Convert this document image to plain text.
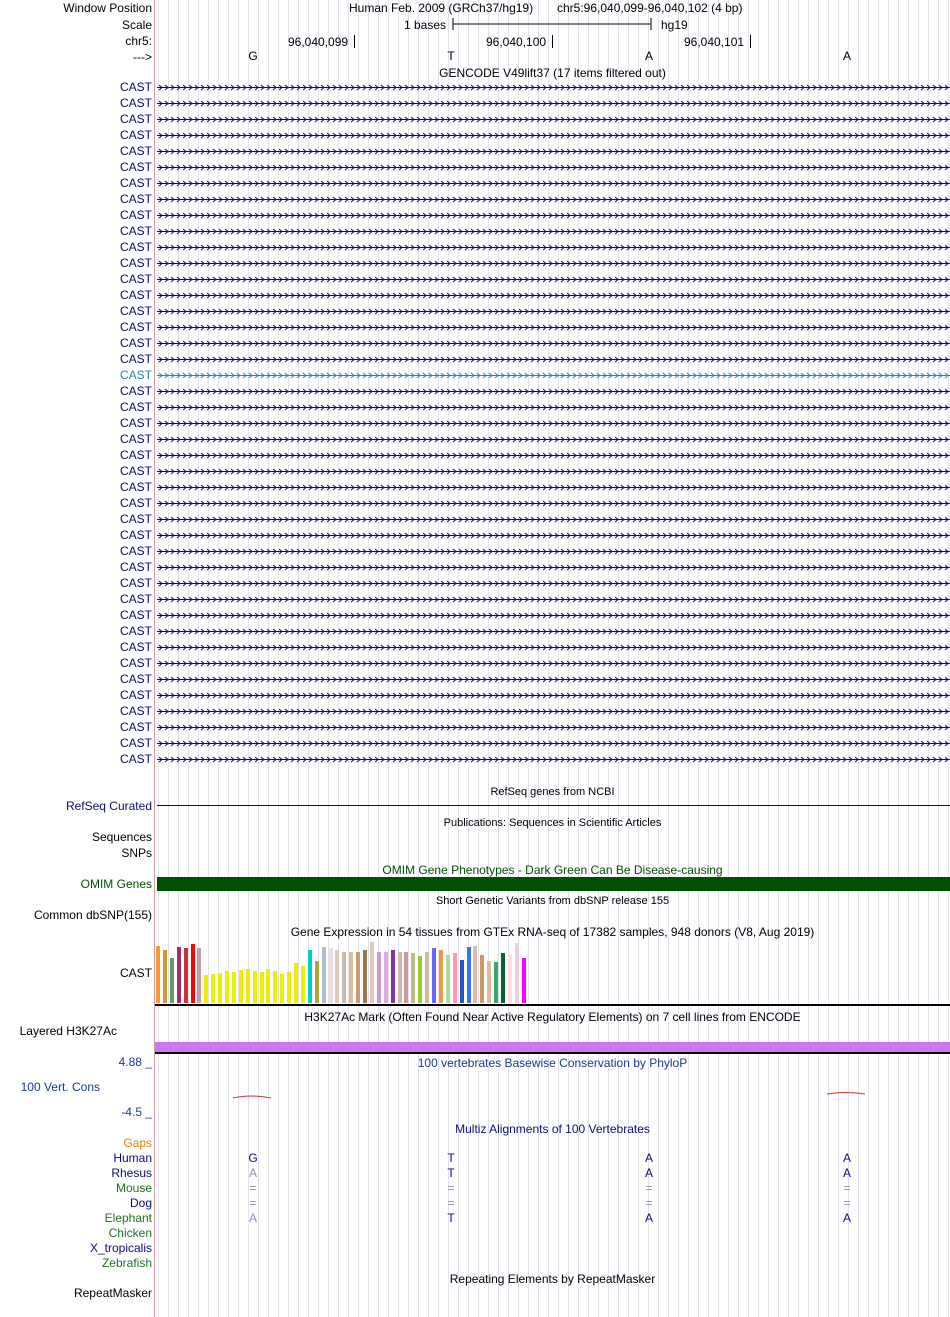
Window Position	Human Feb. 2009 (GRCh37/hg19) chr5:96,040,099-96,040,102 (4 bp)
Scale	1 bases	hg19
chr5:	96,040,099	96,040,100	96,040,101
--->	G	T	A	A
GENCODE V49lift37 (17 items filtered out)
CAST
CAST
CAST
CAST
CAST
CAST
CAST
CAST
CAST
CAST
CAST
CAST
CAST
CAST
CAST
CAST
CAST
CAST
CAST
CAST
CAST
CAST
CAST
CAST
CAST
CAST
CAST
CAST
CAST
CAST
CAST
CAST
CAST
CAST
CAST
CAST
CAST
CAST
CAST
CAST
CAST
CAST
CAST
RefSeq genes from NCBI
RefSeq Curated
Publications: Sequences in Scientific Articles
Sequences
SNPs
OMIM Gene Phenotypes - Dark Green Can Be Disease-causing
OMIM Genes
Short Genetic Variants from dbSNP release 155
Common dbSNP(155)
Gene Expression in 54 tissues from GTEx RNA-seq of 17382 samples, 948 donors (V8, Aug 2019)
CAST
H3K27Ac Mark (Often Found Near Active Regulatory Elements) on 7 cell lines from ENCODE
Layered H3K27Ac
100 vertebrates Basewise Conservation by PhyloP
4.88 _
100 Vert. Cons
-4.5 _
Multiz Alignments of 100 Vertebrates
Gaps
Human	G	T	A	A
Rhesus	A	T	A	A
Mouse	=	=	=	=
Dog	=	=	=	=
Elephant	A	T	A	A
Chicken
X_tropicalis
Zebrafish
Repeating Elements by RepeatMasker
RepeatMasker
